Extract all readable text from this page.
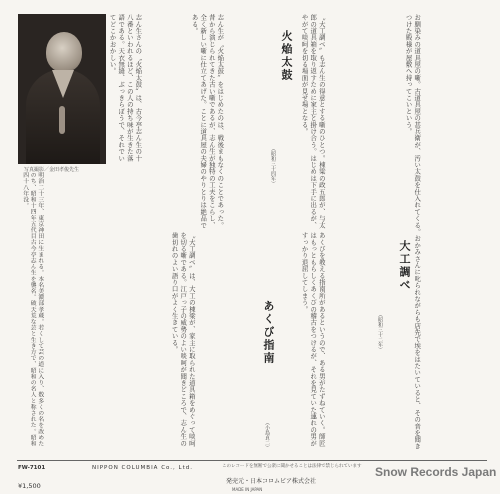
写真撮影／金田孝俊先生
志ん生さんの〝火焔太鼓〟は、古今亭志ん生の十八番といわれるほど、この人の持ち味が生きた落語である。天衣無縫、ぶっきらぼうで、それでいてどこかおかしい。	志ん生が〝火焔太鼓〟をはじめたのは、戦後まもなくのことであった。昔から演じられてきた古い噺であるが、志ん生が独特の工夫をこらし、全く新しい噺に仕立てあげた。ことに道具屋の夫婦のやりとりは絶品である。
明治二十三年、東京神田に生まれる。本名美濃部孝蔵。若くして芸の道に入り、数多くの名を改めたのち、昭和十四年五代目古今亭志ん生を襲名。破天荒な芸と生き方で、昭和の名人と称された。昭和四十八年没。
〝大工調べ〟は、大工の棟梁が、家主に取られた道具箱をめぐって啖呵を切る噺である。江戸っ子の威勢のよい啖呵が聞きどころで、志ん生の歯切れのよい語り口がよく生きている。	あくびを教える指南所があるというので、ある男がたずねていく。師匠はもっともらしくあくびの稽古をつけるが、それを見ていた連れの男がすっかり退屈してしまう。	お馴染みの道具屋の噺。古道具屋の甚兵衛が、汚い太鼓を仕入れてくる。おかみさんに叱られながらも店先で埃をはたいていると、その音を聞きつけた殿様が屋敷へ持ってこいという。
〝大工調べ〟も志ん生の得意とする噺のひとつ。棟梁の政五郎が、与太郎の道具箱を取り返すために家主と掛け合う。はじめは下手に出るが、やがて啖呵を切る場面が見せ場となる。
火焔太鼓
大工調べ
あくび指南
（昭和三十四年）
（小島貞二）
（昭和三十二年）
FW-7101
¥1,500
NIPPON COLUMBIA Co., Ltd.	このレコードを無断で公衆に聞かせることは法律で禁じられています
発売元・日本コロムビア株式会社
MADE IN JAPAN
Snow Records Japan
